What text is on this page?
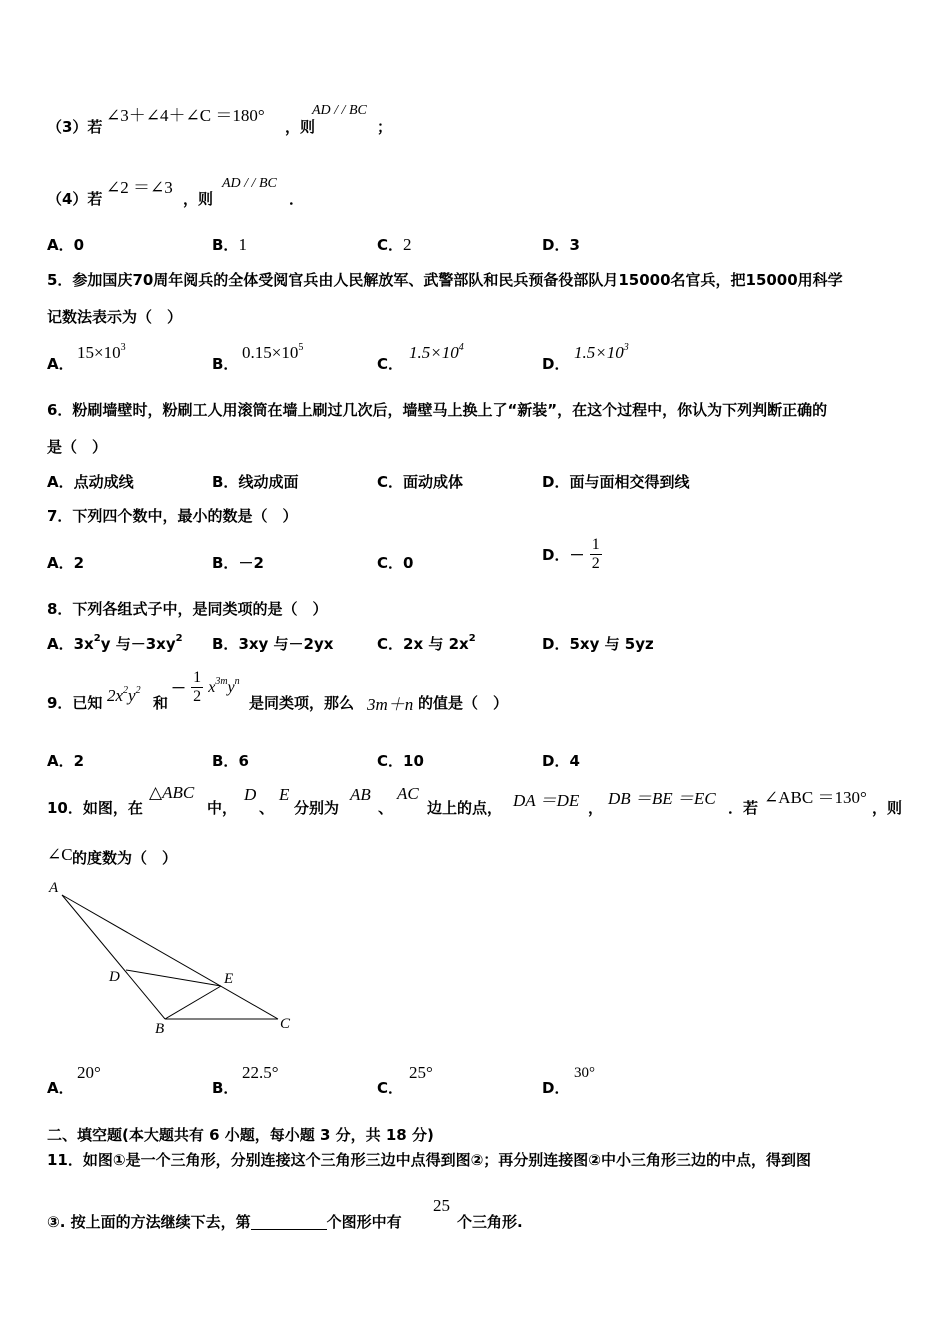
（3）若
∠3＋∠4＋∠C ＝180°
，则
AD / / BC
；
（4）若
∠2 ＝∠3
，则
AD / / BC
．
A．0	B．1	C．2	D．3
5．参加国庆70周年阅兵的全体受阅官兵由人民解放军、武警部队和民兵预备役部队月15000名官兵，把15000用科学
记数法表示为（　）
A．
$15\times 10^3$
B．
$0.15\times 10^5$
C．
$1.5\times 10^4$
D．
$1.5\times 10^3$
6．粉刷墙壁时，粉刷工人用滚筒在墙上刷过几次后，墙壁马上换上了“新装”，在这个过程中，你认为下列判断正确的
是（　）
A．点动成线	B．线动成面	C．面动成体	D．面与面相交得到线
7．下列四个数中，最小的数是（　）
A．2	B．－2	C．0	D．－ $\frac{1}{2}$
8．下列各组式子中，是同类项的是（　）
A．$3x^2y$ 与$-3xy^2$ B．3xy 与－2yx	C．2x 与 $2x^2$	D．5xy 与 5yz
9．已知 $2x^2y^2$
和
－ $\frac{1}{2} x^{3m}y^n$
是同类项，那么 3m＋n 的值是（　）
A．2	B．6	C．10	D．4
10．如图，在
△ABC
中，
D
、
E
分别为
AB
、
AC
边上的点， DA ＝DE ， DB ＝BE ＝EC ．若
∠ABC ＝130°
，则
∠C 的度数为（　）
A
B	C
D	E
A．
20°
B．
22.5°
C．
25°
D．
30°
二、填空题(本大题共有 6 小题，每小题 3 分，共 18 分)
11．如图①是一个三角形，分别连接这个三角形三边中点得到图②；再分别连接图②中小三角形三边的中点，得到图
③. 按上面的方法继续下去，第	个图形中有
25
个三角形.
